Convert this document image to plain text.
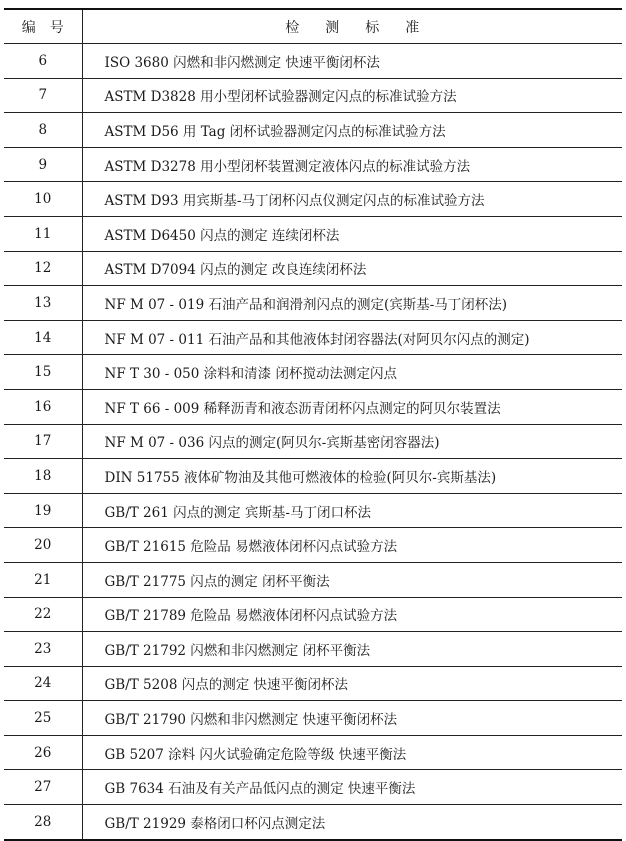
编号	检测标准
6	ISO 3680 闪燃和非闪燃测定 快速平衡闭杯法
7	ASTM D3828 用小型闭杯试验器测定闪点的标准试验方法
8	ASTM D56 用 Tag 闭杯试验器测定闪点的标准试验方法
9	ASTM D3278 用小型闭杯装置测定液体闪点的标准试验方法
10	ASTM D93 用宾斯基-马丁闭杯闪点仪测定闪点的标准试验方法
11	ASTM D6450 闪点的测定 连续闭杯法
12	ASTM D7094 闪点的测定 改良连续闭杯法
13	NF M 07 - 019 石油产品和润滑剂闪点的测定(宾斯基-马丁闭杯法)
14	NF M 07 - 011 石油产品和其他液体封闭容器法(对阿贝尔闪点的测定)
15	NF T 30 - 050 涂料和清漆 闭杯搅动法测定闪点
16	NF T 66 - 009 稀释沥青和液态沥青闭杯闪点测定的阿贝尔装置法
17	NF M 07 - 036 闪点的测定(阿贝尔-宾斯基密闭容器法)
18	DIN 51755 液体矿物油及其他可燃液体的检验(阿贝尔-宾斯基法)
19	GB/T 261 闪点的测定 宾斯基-马丁闭口杯法
20	GB/T 21615 危险品 易燃液体闭杯闪点试验方法
21	GB/T 21775 闪点的测定 闭杯平衡法
22	GB/T 21789 危险品 易燃液体闭杯闪点试验方法
23	GB/T 21792 闪燃和非闪燃测定 闭杯平衡法
24	GB/T 5208 闪点的测定 快速平衡闭杯法
25	GB/T 21790 闪燃和非闪燃测定 快速平衡闭杯法
26	GB 5207 涂料 闪火试验确定危险等级 快速平衡法
27	GB 7634 石油及有关产品低闪点的测定 快速平衡法
28	GB/T 21929 泰格闭口杯闪点测定法
